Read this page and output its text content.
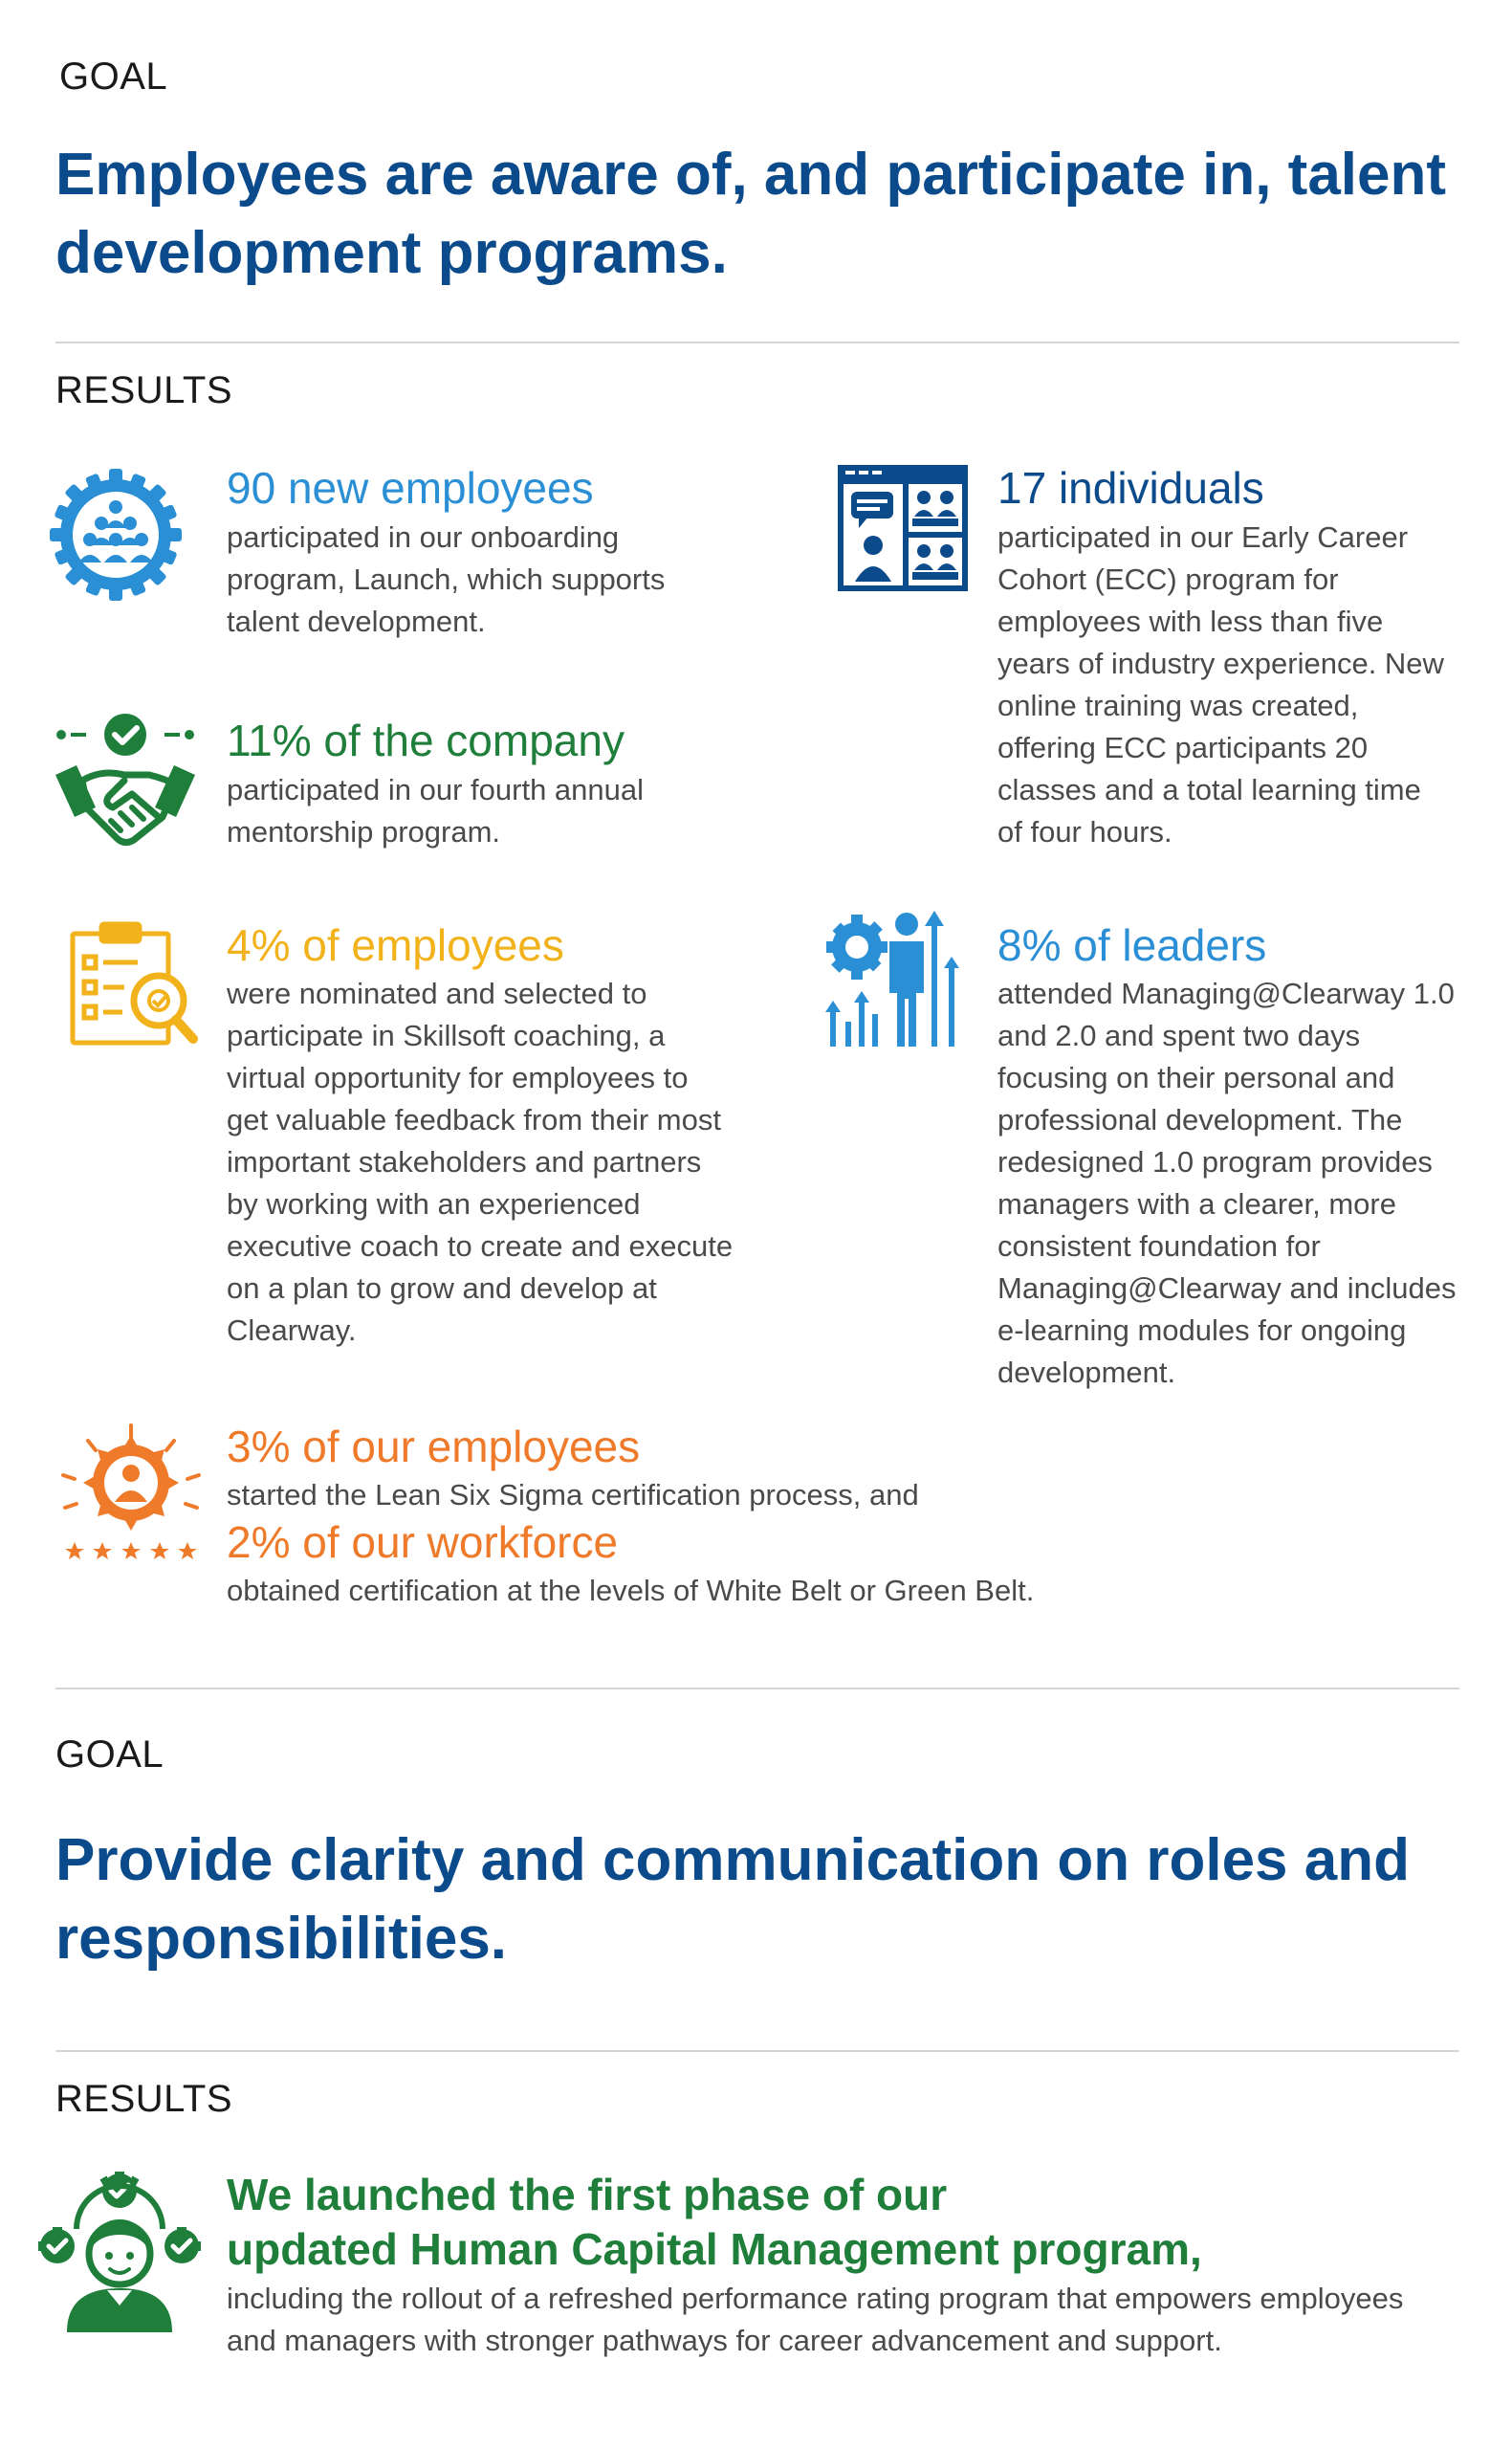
GOAL
Employees are aware of, and participate in, talent development programs.
RESULTS
90 new employees
participated in our onboarding program, Launch, which supports talent development.
17 individuals
participated in our Early Career Cohort (ECC) program for employees with less than five years of industry experience. New online training was created, offering ECC participants 20 classes and a total learning time of four hours.
11% of the company
participated in our fourth annual mentorship program.
4% of employees
were nominated and selected to participate in Skillsoft coaching, a virtual opportunity for employees to get valuable feedback from their most important stakeholders and partners by working with an experienced executive coach to create and execute on a plan to grow and develop at Clearway.
8% of leaders
attended Managing@Clearway 1.0 and 2.0 and spent two days focusing on their personal and professional development. The redesigned 1.0 program provides managers with a clearer, more consistent foundation for Managing@Clearway and includes e-learning modules for ongoing development.
3% of our employees
started the Lean Six Sigma certification process, and
2% of our workforce
obtained certification at the levels of White Belt or Green Belt.
GOAL
Provide clarity and communication on roles and responsibilities.
RESULTS
We launched the first phase of our
updated Human Capital Management program,
including the rollout of a refreshed performance rating program that empowers employees and managers with stronger pathways for career advancement and support.
